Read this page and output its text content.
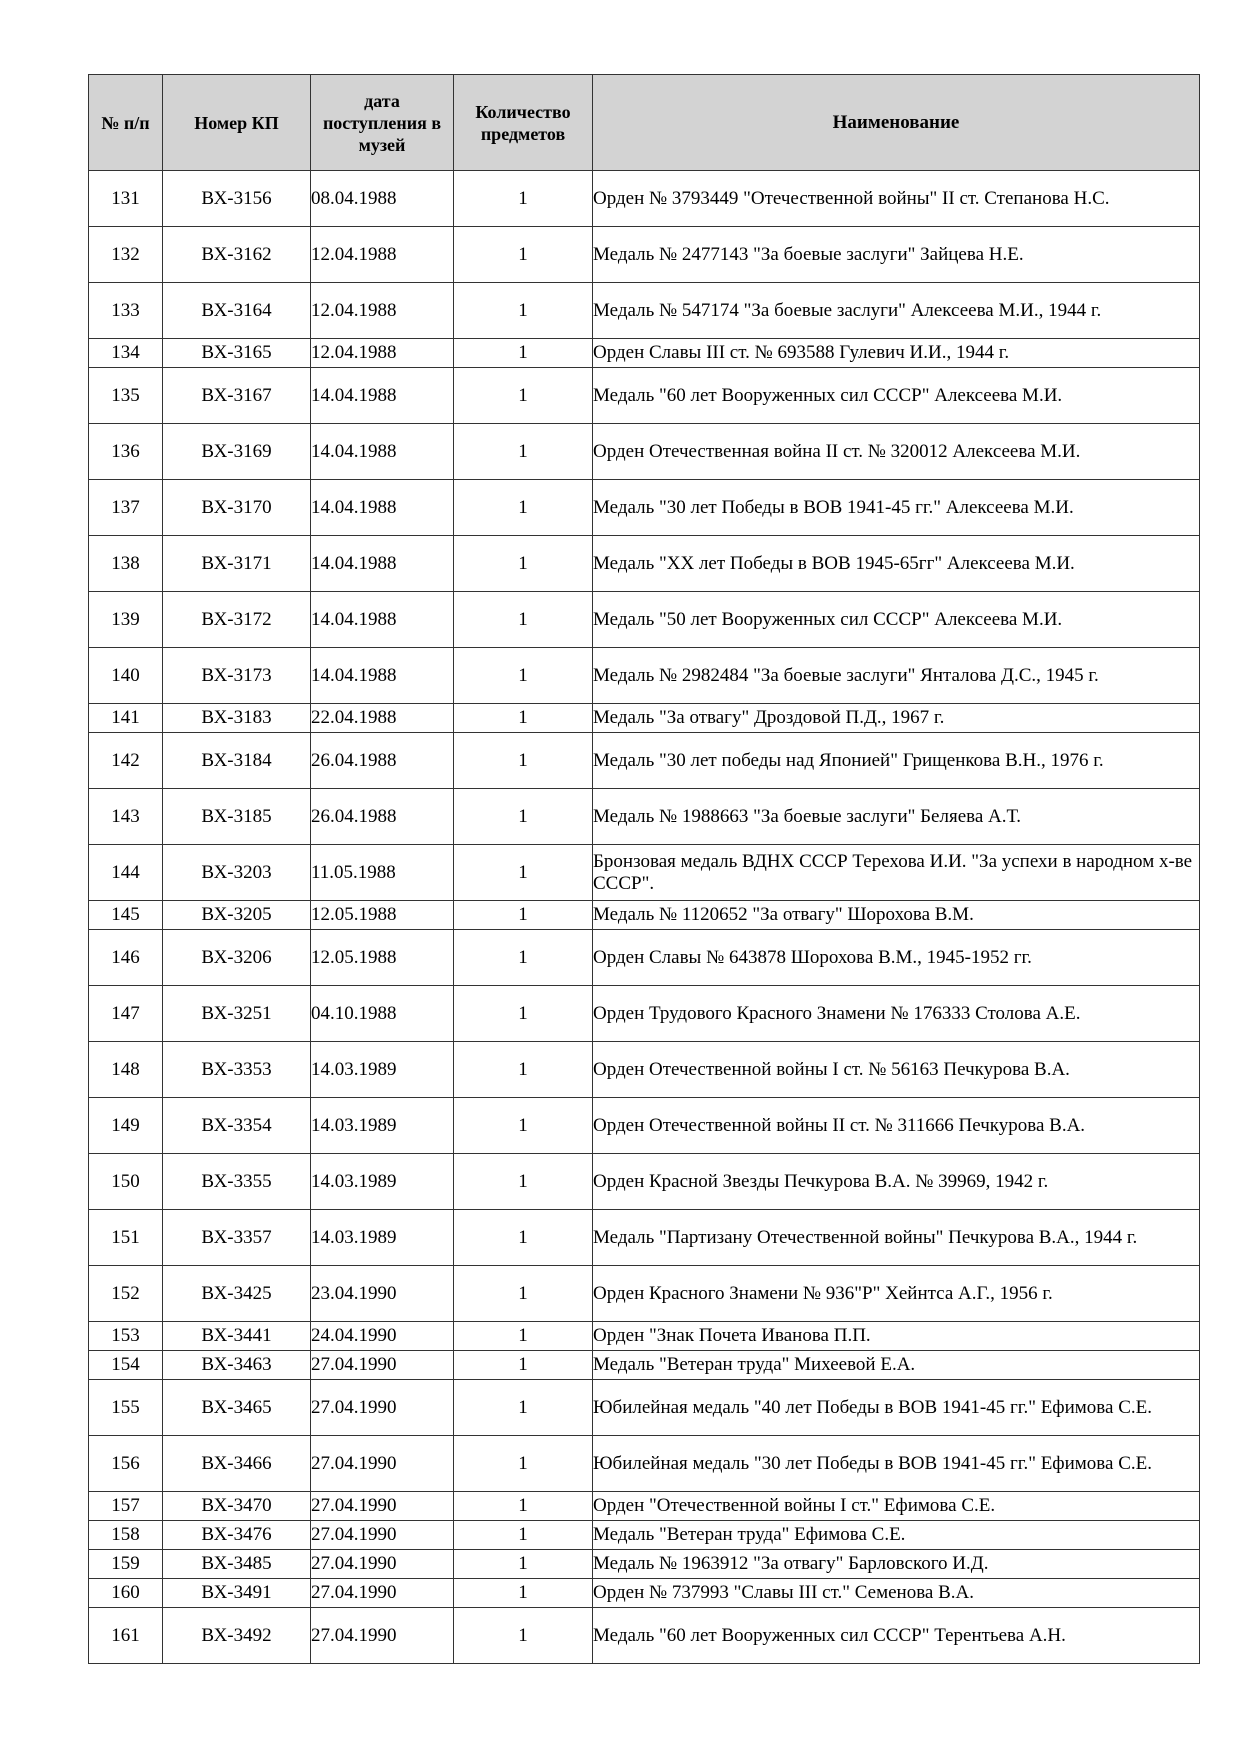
№ п/п	Номер КП	дата поступления в музей	Количество предметов	Наименование
131	ВХ-3156	08.04.1988	1	Орден № 3793449 "Отечественной войны" II ст. Степанова Н.С.
132	ВХ-3162	12.04.1988	1	Медаль № 2477143 "За боевые заслуги" Зайцева Н.Е.
133	ВХ-3164	12.04.1988	1	Медаль № 547174 "За боевые заслуги" Алексеева М.И., 1944 г.
134	ВХ-3165	12.04.1988	1	Орден Славы III ст. № 693588 Гулевич И.И., 1944 г.
135	ВХ-3167	14.04.1988	1	Медаль "60 лет Вооруженных сил СССР" Алексеева М.И.
136	ВХ-3169	14.04.1988	1	Орден Отечественная война II ст. № 320012 Алексеева М.И.
137	ВХ-3170	14.04.1988	1	Медаль "30 лет Победы в ВОВ 1941-45 гг." Алексеева М.И.
138	ВХ-3171	14.04.1988	1	Медаль "XX лет Победы в ВОВ 1945-65гг" Алексеева М.И.
139	ВХ-3172	14.04.1988	1	Медаль "50 лет Вооруженных сил СССР" Алексеева М.И.
140	ВХ-3173	14.04.1988	1	Медаль № 2982484 "За боевые заслуги" Янталова Д.С., 1945 г.
141	ВХ-3183	22.04.1988	1	Медаль "За отвагу" Дроздовой П.Д., 1967 г.
142	ВХ-3184	26.04.1988	1	Медаль "30 лет победы над Японией" Грищенкова В.Н., 1976 г.
143	ВХ-3185	26.04.1988	1	Медаль № 1988663 "За боевые заслуги" Беляева А.Т.
144	ВХ-3203	11.05.1988	1	Бронзовая медаль ВДНХ СССР Терехова И.И. "За успехи в народном х-ве СССР".
145	ВХ-3205	12.05.1988	1	Медаль № 1120652 "За отвагу" Шорохова В.М.
146	ВХ-3206	12.05.1988	1	Орден Славы № 643878 Шорохова В.М., 1945-1952 гг.
147	ВХ-3251	04.10.1988	1	Орден Трудового Красного Знамени № 176333 Столова А.Е.
148	ВХ-3353	14.03.1989	1	Орден Отечественной войны I ст. № 56163 Печкурова В.А.
149	ВХ-3354	14.03.1989	1	Орден Отечественной войны II ст. № 311666 Печкурова В.А.
150	ВХ-3355	14.03.1989	1	Орден Красной Звезды Печкурова В.А. № 39969, 1942 г.
151	ВХ-3357	14.03.1989	1	Медаль "Партизану Отечественной войны" Печкурова В.А., 1944 г.
152	ВХ-3425	23.04.1990	1	Орден Красного Знамени № 936"Р" Хейнтса А.Г., 1956 г.
153	ВХ-3441	24.04.1990	1	Орден "Знак Почета Иванова П.П.
154	ВХ-3463	27.04.1990	1	Медаль "Ветеран труда" Михеевой Е.А.
155	ВХ-3465	27.04.1990	1	Юбилейная медаль "40 лет Победы в ВОВ 1941-45 гг." Ефимова С.Е.
156	ВХ-3466	27.04.1990	1	Юбилейная медаль "30 лет Победы в ВОВ 1941-45 гг." Ефимова С.Е.
157	ВХ-3470	27.04.1990	1	Орден "Отечественной войны I ст." Ефимова С.Е.
158	ВХ-3476	27.04.1990	1	Медаль "Ветеран труда" Ефимова С.Е.
159	ВХ-3485	27.04.1990	1	Медаль № 1963912 "За отвагу" Барловского И.Д.
160	ВХ-3491	27.04.1990	1	Орден № 737993 "Славы III ст." Семенова В.А.
161	ВХ-3492	27.04.1990	1	Медаль "60 лет Вооруженных сил СССР" Терентьева А.Н.
